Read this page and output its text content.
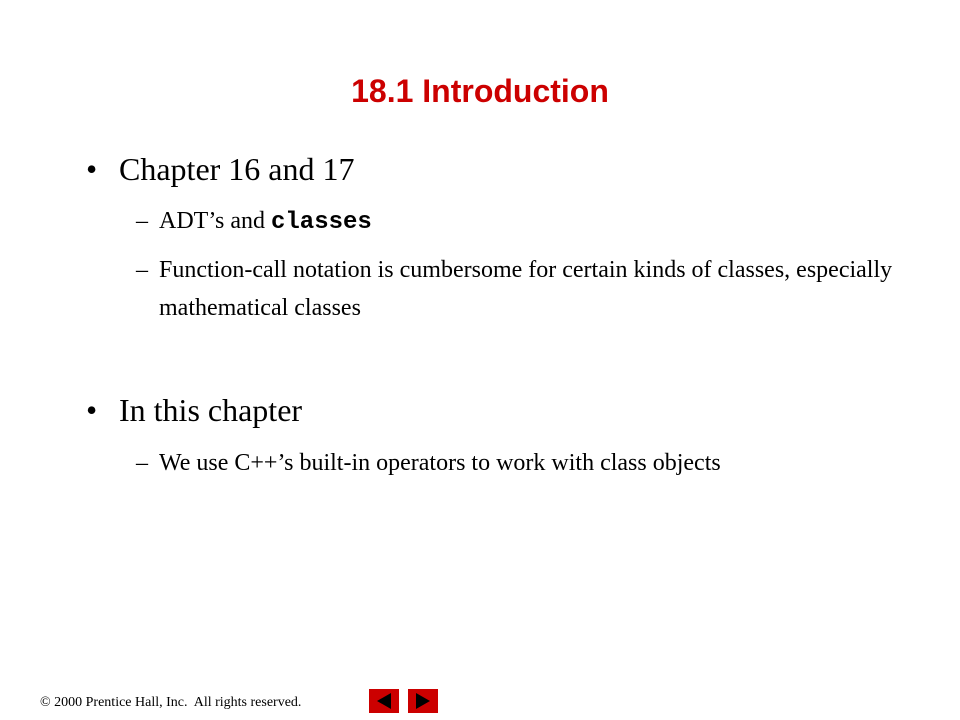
18.1 Introduction
• Chapter 16 and 17
– ADT’s and classes
– Function-call notation is cumbersome for certain kinds of classes, especially mathematical classes
• In this chapter
– We use C++’s built-in operators to work with class objects
© 2000 Prentice Hall, Inc.  All rights reserved.
